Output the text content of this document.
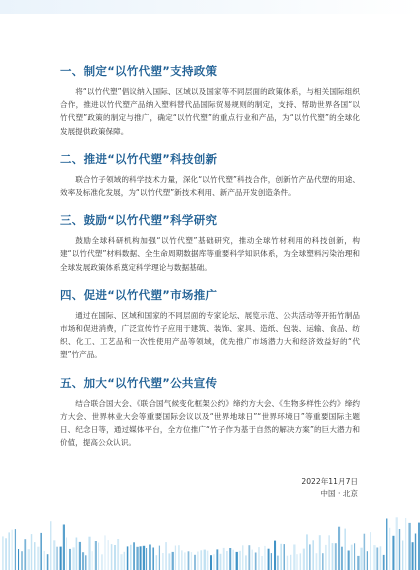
一、制定“以竹代塑”支持政策

将“以竹代塑”倡议纳入国际、区域以及国家等不同层面的政策体系，与相关国际组织合作，推进以竹代塑产品纳入塑料替代品国际贸易规则的制定，支持、帮助世界各国“以竹代塑”政策的制定与推广，确定“以竹代塑”的重点行业和产品，为“以竹代塑”的全球化发展提供政策保障。

二、推进“以竹代塑”科技创新

联合竹子领域的科学技术力量，深化“以竹代塑”科技合作，创新竹产品代塑的用途、效率及标准化发展，为“以竹代塑”新技术利用、新产品开发创造条件。

三、鼓励“以竹代塑”科学研究

鼓励全球科研机构加强“以竹代塑”基础研究，推动全球竹材利用的科技创新，构建“以竹代塑”材料数据、全生命周期数据库等重要科学知识体系，为全球塑料污染治理和全球发展政策体系奠定科学理论与数据基础。

四、促进“以竹代塑”市场推广

通过在国际、区域和国家的不同层面的专家论坛、展览示范、公共活动等开拓竹制品市场和促进消费，广泛宣传竹子应用于建筑、装饰、家具、造纸、包装、运输、食品、纺织、化工、工艺品和一次性使用产品等领域，优先推广市场潜力大和经济效益好的“代塑”竹产品。

五、加大“以竹代塑”公共宣传

结合联合国大会、《联合国气候变化框架公约》缔约方大会、《生物多样性公约》缔约方大会、世界林业大会等重要国际会议以及“世界地球日”“世界环境日”等重要国际主题日、纪念日等，通过媒体平台，全方位推广“竹子作为基于自然的解决方案”的巨大潜力和价值，提高公众认识。

2022年11月7日
中国 · 北京
